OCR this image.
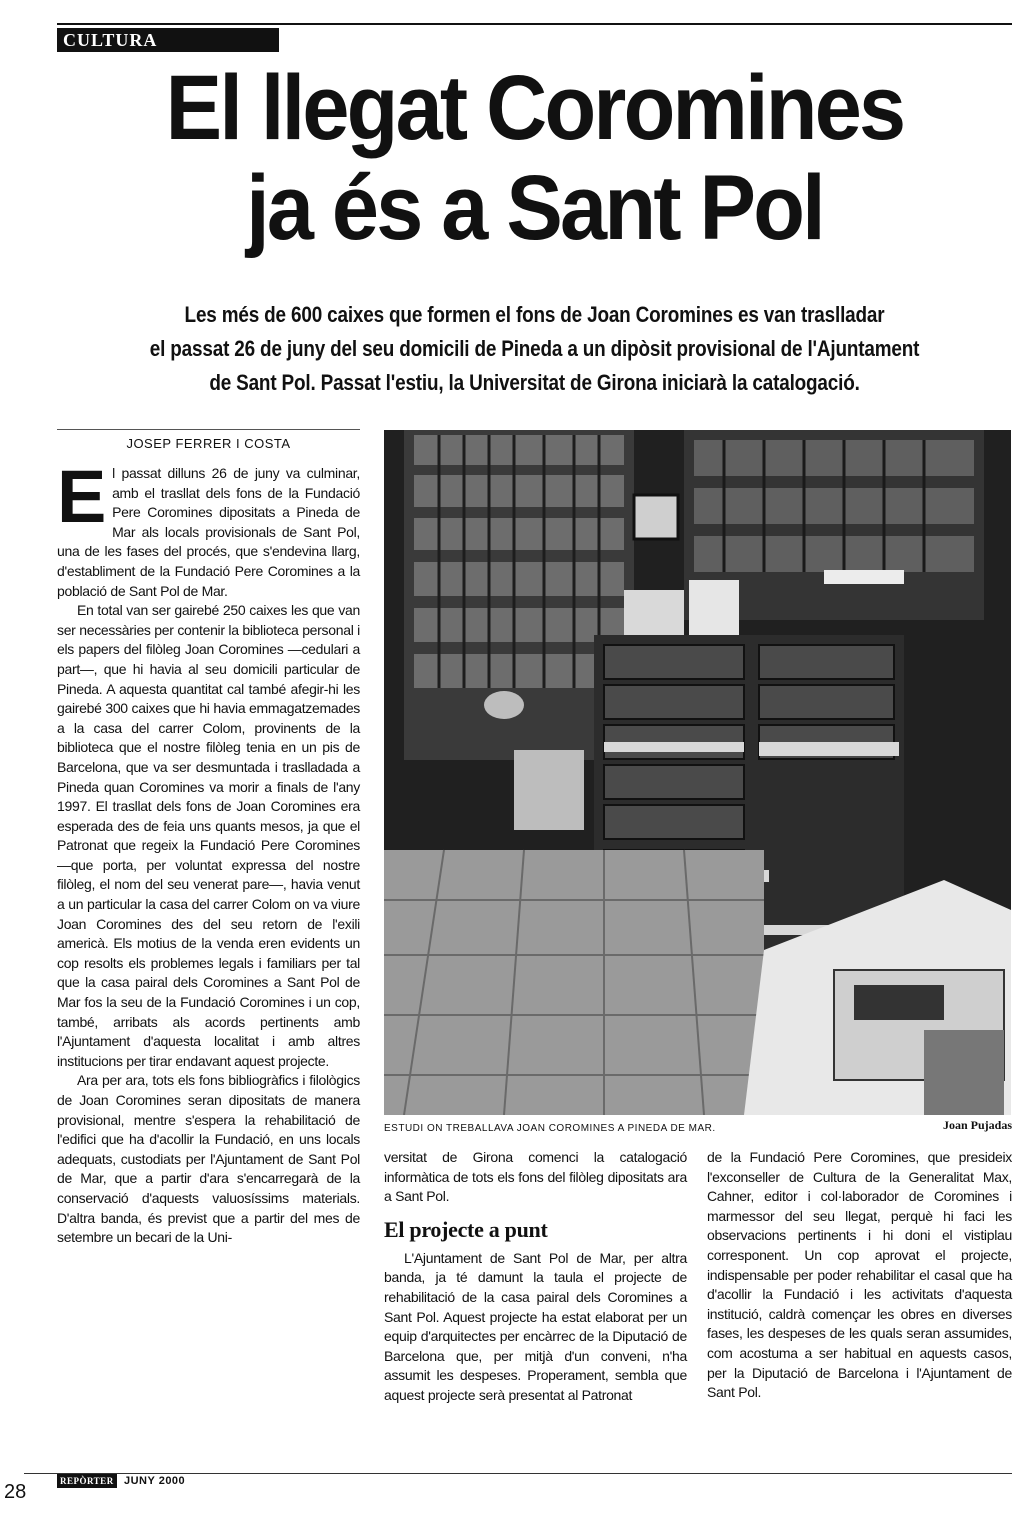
CULTURA
El llegat Coromines
ja és a Sant Pol

Les més de 600 caixes que formen el fons de Joan Coromines es van traslladar
el passat 26 de juny del seu domicili de Pineda a un dipòsit provisional de l'Ajuntament
de Sant Pol. Passat l'estiu, la Universitat de Girona iniciarà la catalogació.

JOSEP FERRER I COSTA

El passat dilluns 26 de juny va culminar, amb el trasllat dels fons de la Fundació Pere Coromines dipositats a Pineda de Mar als locals provisionals de Sant Pol, una de les fases del procés, que s'endevina llarg, d'establiment de la Fundació Pere Coromines a la població de Sant Pol de Mar.

En total van ser gairebé 250 caixes les que van ser necessàries per contenir la biblioteca personal i els papers del filòleg Joan Coromines —cedulari a part—, que hi havia al seu domicili particular de Pineda. A aquesta quantitat cal també afegir-hi les gairebé 300 caixes que hi havia emmagatzemades a la casa del carrer Colom, provinents de la biblioteca que el nostre filòleg tenia en un pis de Barcelona, que va ser desmuntada i traslladada a Pineda quan Coromines va morir a finals de l'any 1997. El trasllat dels fons de Joan Coromines era esperada des de feia uns quants mesos, ja que el Patronat que regeix la Fundació Pere Coromines —que porta, per voluntat expressa del nostre filòleg, el nom del seu venerat pare—, havia venut a un particular la casa del carrer Colom on va viure Joan Coromines des del seu retorn de l'exili americà. Els motius de la venda eren evidents un cop resolts els problemes legals i familiars per tal que la casa pairal dels Coromines a Sant Pol de Mar fos la seu de la Fundació Coromines i un cop, també, arribats als acords pertinents amb l'Ajuntament d'aquesta localitat i amb altres institucions per tirar endavant aquest projecte.

Ara per ara, tots els fons bibliogràfics i filològics de Joan Coromines seran dipositats de manera provisional, mentre s'espera la rehabilitació de l'edifici que ha d'acollir la Fundació, en uns locals adequats, custodiats per l'Ajuntament de Sant Pol de Mar, que a partir d'ara s'encarregarà de la conservació d'aquests valuosíssims materials. D'altra banda, és previst que a partir del mes de setembre un becari de la Uni-

ESTUDI ON TREBALLAVA JOAN COROMINES A PINEDA DE MAR.	Joan Pujadas

versitat de Girona comenci la catalogació informàtica de tots els fons del filòleg dipositats ara a Sant Pol.

El projecte a punt

L'Ajuntament de Sant Pol de Mar, per altra banda, ja té damunt la taula el projecte de rehabilitació de la casa pairal dels Coromines a Sant Pol. Aquest projecte ha estat elaborat per un equip d'arquitectes per encàrrec de la Diputació de Barcelona que, per mitjà d'un conveni, n'ha assumit les despeses. Properament, sembla que aquest projecte serà presentat al Patronat

de la Fundació Pere Coromines, que presideix l'exconseller de Cultura de la Generalitat Max, Cahner, editor i col·laborador de Coromines i marmessor del seu llegat, perquè hi faci les observacions pertinents i hi doni el vistiplau corresponent. Un cop aprovat el projecte, indispensable per poder rehabilitar el casal que ha d'acollir la Fundació i les activitats d'aquesta institució, caldrà començar les obres en diverses fases, les despeses de les quals seran assumides, com acostuma a ser habitual en aquests casos, per la Diputació de Barcelona i l'Ajuntament de Sant Pol.

REPÒRTER JUNY 2000
28
